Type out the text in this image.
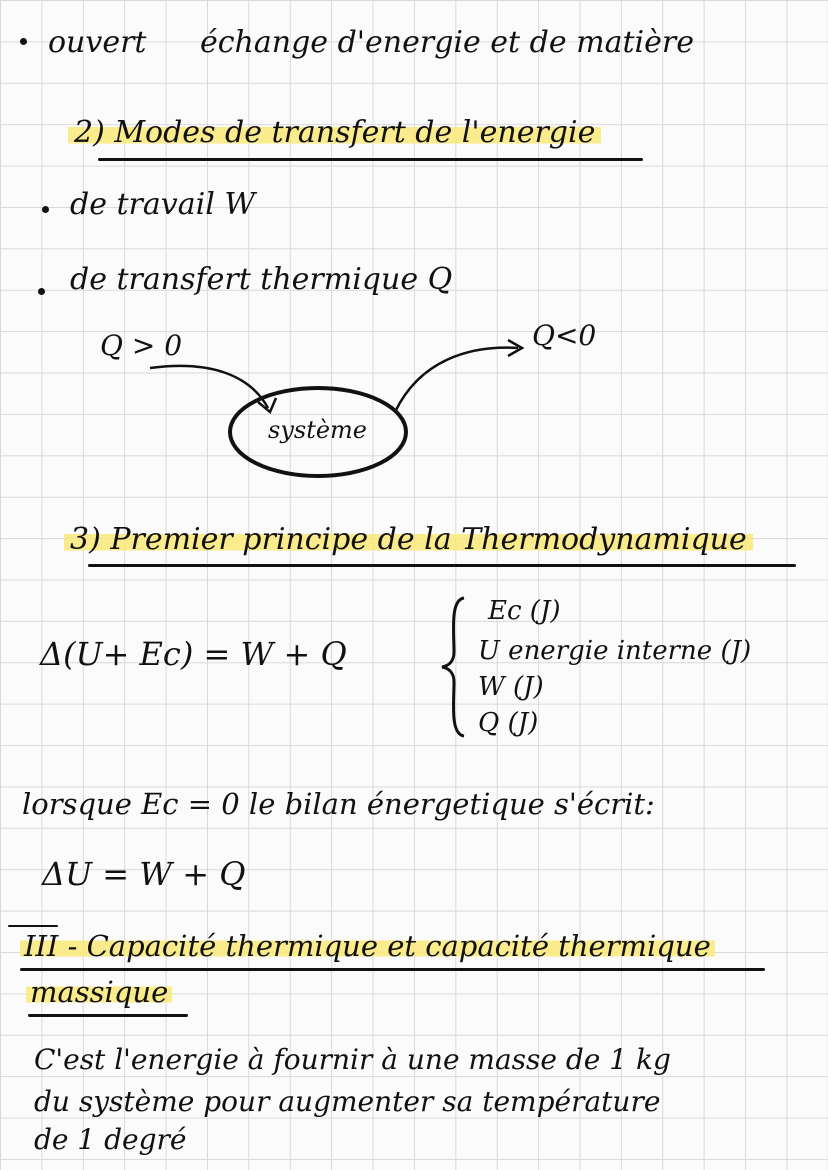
ouvert échange d'energie et de matière
2) Modes de transfert de l'energie
de travail W
de transfert thermique Q
Q > 0	Q<0
système
3) Premier principe de la Thermodynamique
Δ(U+ Ec) = W + Q
Ec (J)
U energie interne (J)
W (J)
Q (J)
lorsque Ec = 0 le bilan énergetique s'écrit:
ΔU = W + Q
III - Capacité thermique et capacité thermique
massique
C'est l'energie à fournir à une masse de 1 kg
du système pour augmenter sa température
de 1 degré
